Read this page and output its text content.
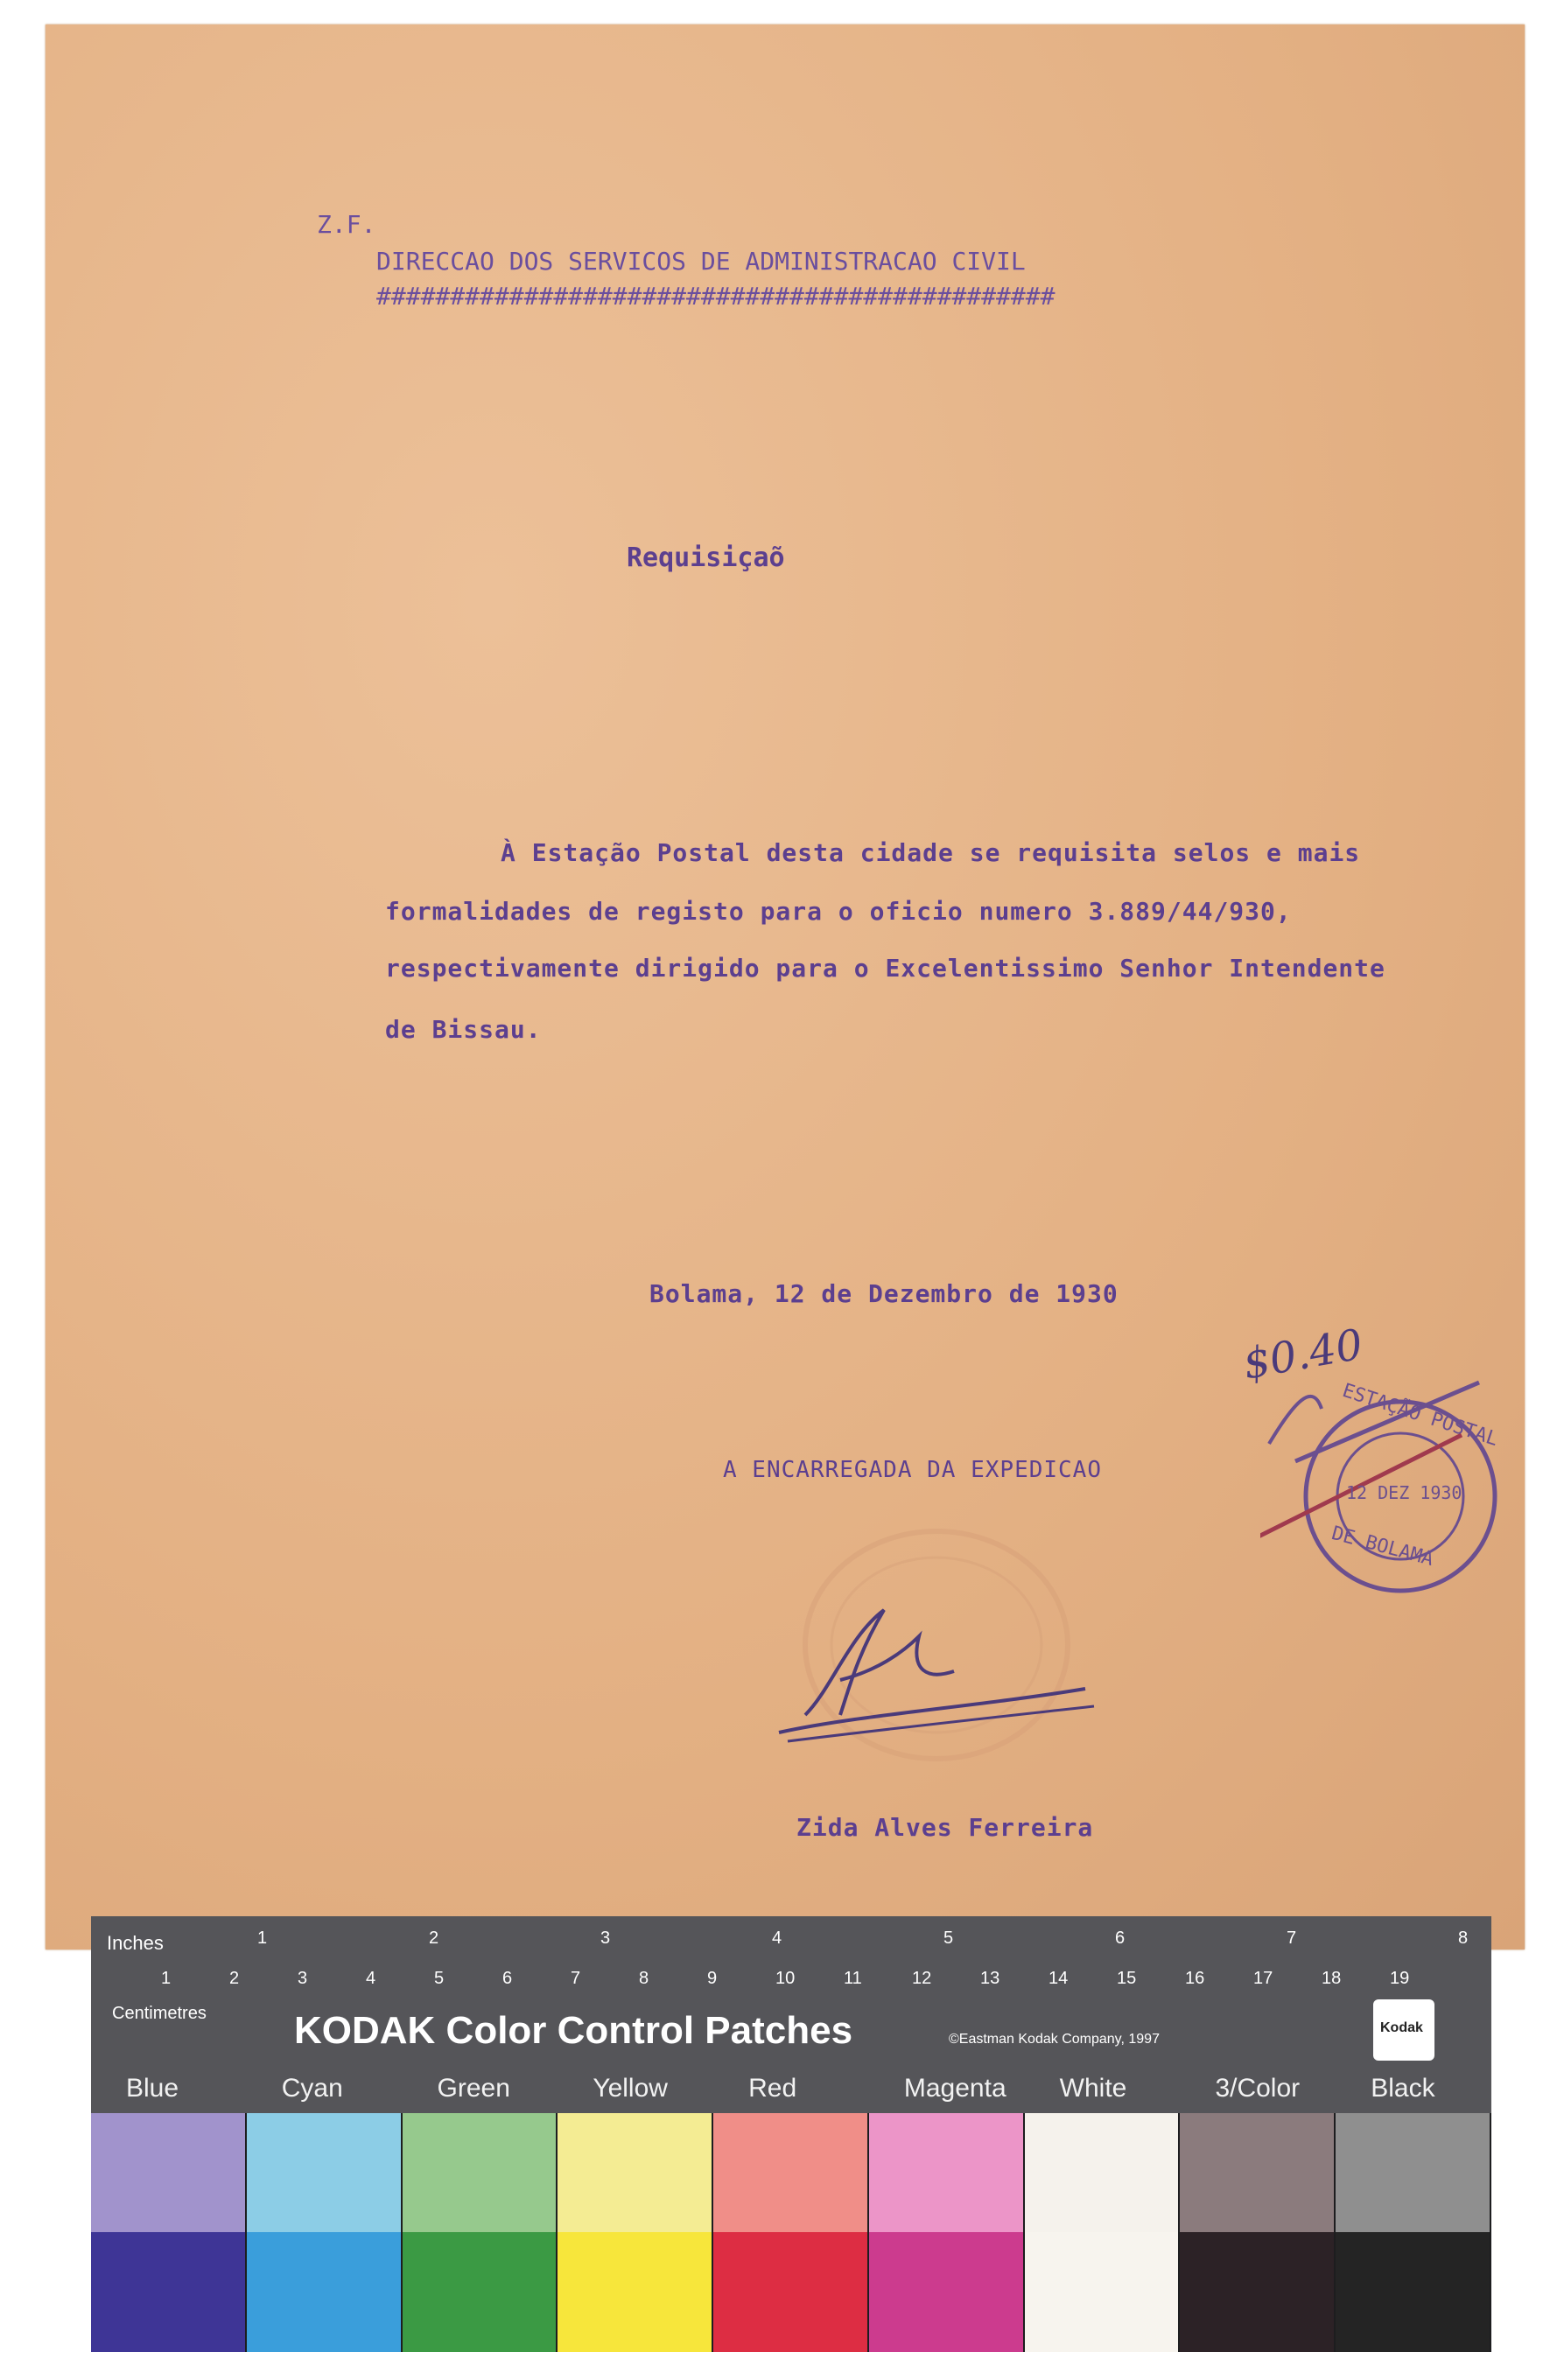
Z.F.
DIRECCAO DOS SERVICOS DE ADMINISTRACAO CIVIL
##############################################
Requisiçaõ
À Estação Postal desta cidade se requisita selos e mais
formalidades de registo para o oficio numero 3.889/44/930,
respectivamente dirigido para o Excelentissimo Senhor Intendente
de Bissau.
Bolama, 12 de Dezembro de 1930
A ENCARREGADA DA EXPEDICAO
Zida Alves Ferreira
ESTAÇÃO POSTAL
12 DEZ 1930
DE BOLAMA
$0.40
Inches
Centimetres KODAK Color Control Patches	©Eastman Kodak Company, 1997
Kodak
1	2	3	4	5	6	7	8
1	2	3	4	5	6	7	8	9	10	11	12	13	14	15	16	17	18	19
Blue	Cyan	Green	Yellow	Red	Magenta White	3/Color	Black
